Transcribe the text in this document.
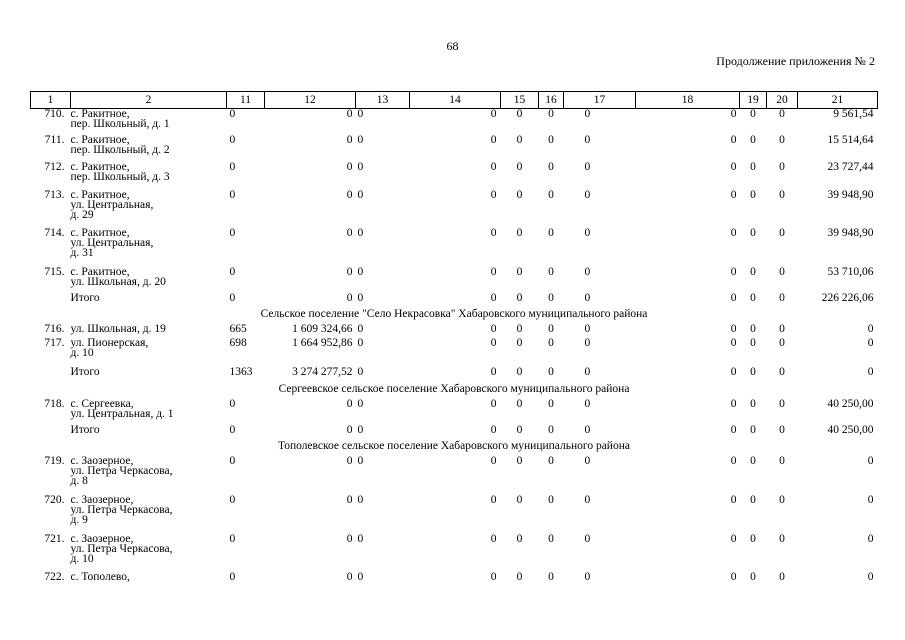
68
Продолжение приложения № 2
1	2	11	12	13	14	15	16	17	18	19	20	21
710.	с. Ракитное,
пер. Школьный, д. 1	0	0	0	0	0	0	0	0	0	0	9 561,54
711.	с. Ракитное,
пер. Школьный, д. 2	0	0	0	0	0	0	0	0	0	0	15 514,64
712.	с. Ракитное,
пер. Школьный, д. 3	0	0	0	0	0	0	0	0	0	0	23 727,44
713.	с. Ракитное,
ул. Центральная,
д. 29	0	0	0	0	0	0	0	0	0	0	39 948,90
714.	с. Ракитное,
ул. Центральная,
д. 31	0	0	0	0	0	0	0	0	0	0	39 948,90
715.	с. Ракитное,
ул. Школьная, д. 20	0	0	0	0	0	0	0	0	0	0	53 710,06
	Итого	0	0	0	0	0	0	0	0	0	0	226 226,06
Сельское поселение "Село Некрасовка" Хабаровского муниципального района												
716.	ул. Школьная, д. 19	665	1 609 324,66	0	0	0	0	0	0	0	0	0
717.	ул. Пионерская,
д. 10	698	1 664 952,86	0	0	0	0	0	0	0	0	0
	Итого	1363	3 274 277,52	0	0	0	0	0	0	0	0	0
Сергеевское сельское поселение Хабаровского муниципального района												
718.	с. Сергеевка,
ул. Центральная, д. 1	0	0	0	0	0	0	0	0	0	0	40 250,00
	Итого	0	0	0	0	0	0	0	0	0	0	40 250,00
Тополевское сельское поселение Хабаровского муниципального района												
719.	с. Заозерное,
ул. Петра Черкасова,
д. 8	0	0	0	0	0	0	0	0	0	0	0
720.	с. Заозерное,
ул. Петра Черкасова,
д. 9	0	0	0	0	0	0	0	0	0	0	0
721.	с. Заозерное,
ул. Петра Черкасова,
д. 10	0	0	0	0	0	0	0	0	0	0	0
722.	с. Тополево,	0	0	0	0	0	0	0	0	0	0	0
